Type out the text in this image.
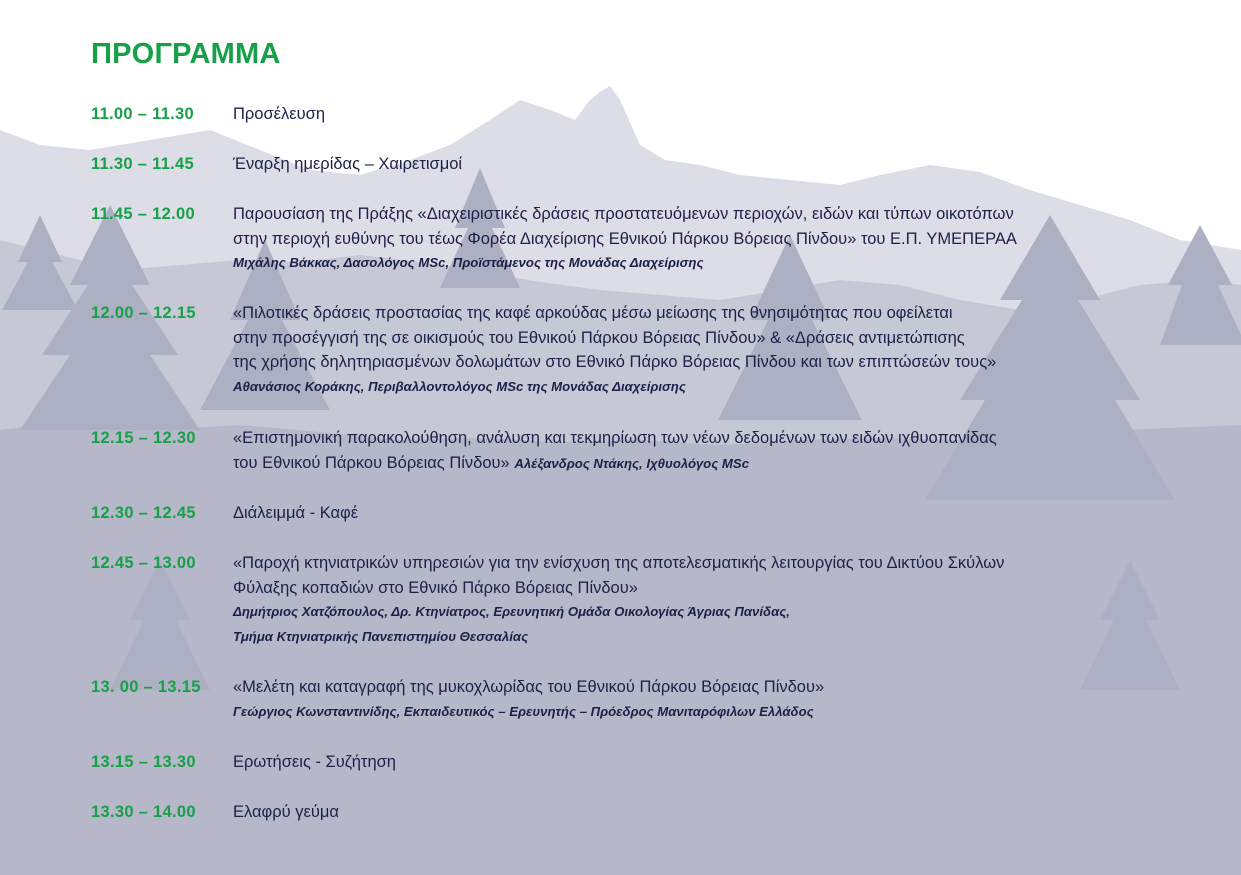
ΠΡΟΓΡΑΜΜΑ
11.00 – 11.30	Προσέλευση
11.30 – 11.45	Έναρξη ημερίδας – Χαιρετισμοί
11.45 – 12.00	Παρουσίαση της Πράξης «Διαχειριστικές δράσεις προστατευόμενων περιοχών, ειδών και τύπων οικοτόπων
στην περιοχή ευθύνης του τέως Φορέα Διαχείρισης Εθνικού Πάρκου Βόρειας Πίνδου» του Ε.Π. ΥΜΕΠΕΡΑΑ
Μιχάλης Βάκκας, Δασολόγος MSc, Προϊστάμενος της Μονάδας Διαχείρισης
12.00 – 12.15	«Πιλοτικές δράσεις προστασίας της καφέ αρκούδας μέσω μείωσης της θνησιμότητας που οφείλεται
στην προσέγγισή της σε οικισμούς του Εθνικού Πάρκου Βόρειας Πίνδου» & «Δράσεις αντιμετώπισης
της χρήσης δηλητηριασμένων δολωμάτων στο Εθνικό Πάρκο Βόρειας Πίνδου και των επιπτώσεών τους»
Αθανάσιος Κοράκης, Περιβαλλοντολόγος MSc της Μονάδας Διαχείρισης
12.15 – 12.30	«Επιστημονική παρακολούθηση, ανάλυση και τεκμηρίωση των νέων δεδομένων των ειδών ιχθυοπανίδας
του Εθνικού Πάρκου Βόρειας Πίνδου» Αλέξανδρος Ντάκης, Ιχθυολόγος MSc
12.30 – 12.45	Διάλειμμά - Καφέ
12.45 – 13.00	«Παροχή κτηνιατρικών υπηρεσιών για την ενίσχυση της αποτελεσματικής λειτουργίας του Δικτύου Σκύλων
Φύλαξης κοπαδιών στο Εθνικό Πάρκο Βόρειας Πίνδου»
Δημήτριος Χατζόπουλος, Δρ. Κτηνίατρος, Ερευνητική Ομάδα Οικολογίας Άγριας Πανίδας,
Τμήμα Κτηνιατρικής Πανεπιστημίου Θεσσαλίας
13. 00 – 13.15	«Μελέτη και καταγραφή της μυκοχλωρίδας του Εθνικού Πάρκου Βόρειας Πίνδου»
Γεώργιος Κωνσταντινίδης, Εκπαιδευτικός – Ερευνητής – Πρόεδρος Μανιταρόφιλων Ελλάδος
13.15 – 13.30	Ερωτήσεις - Συζήτηση
13.30 – 14.00	Ελαφρύ γεύμα
